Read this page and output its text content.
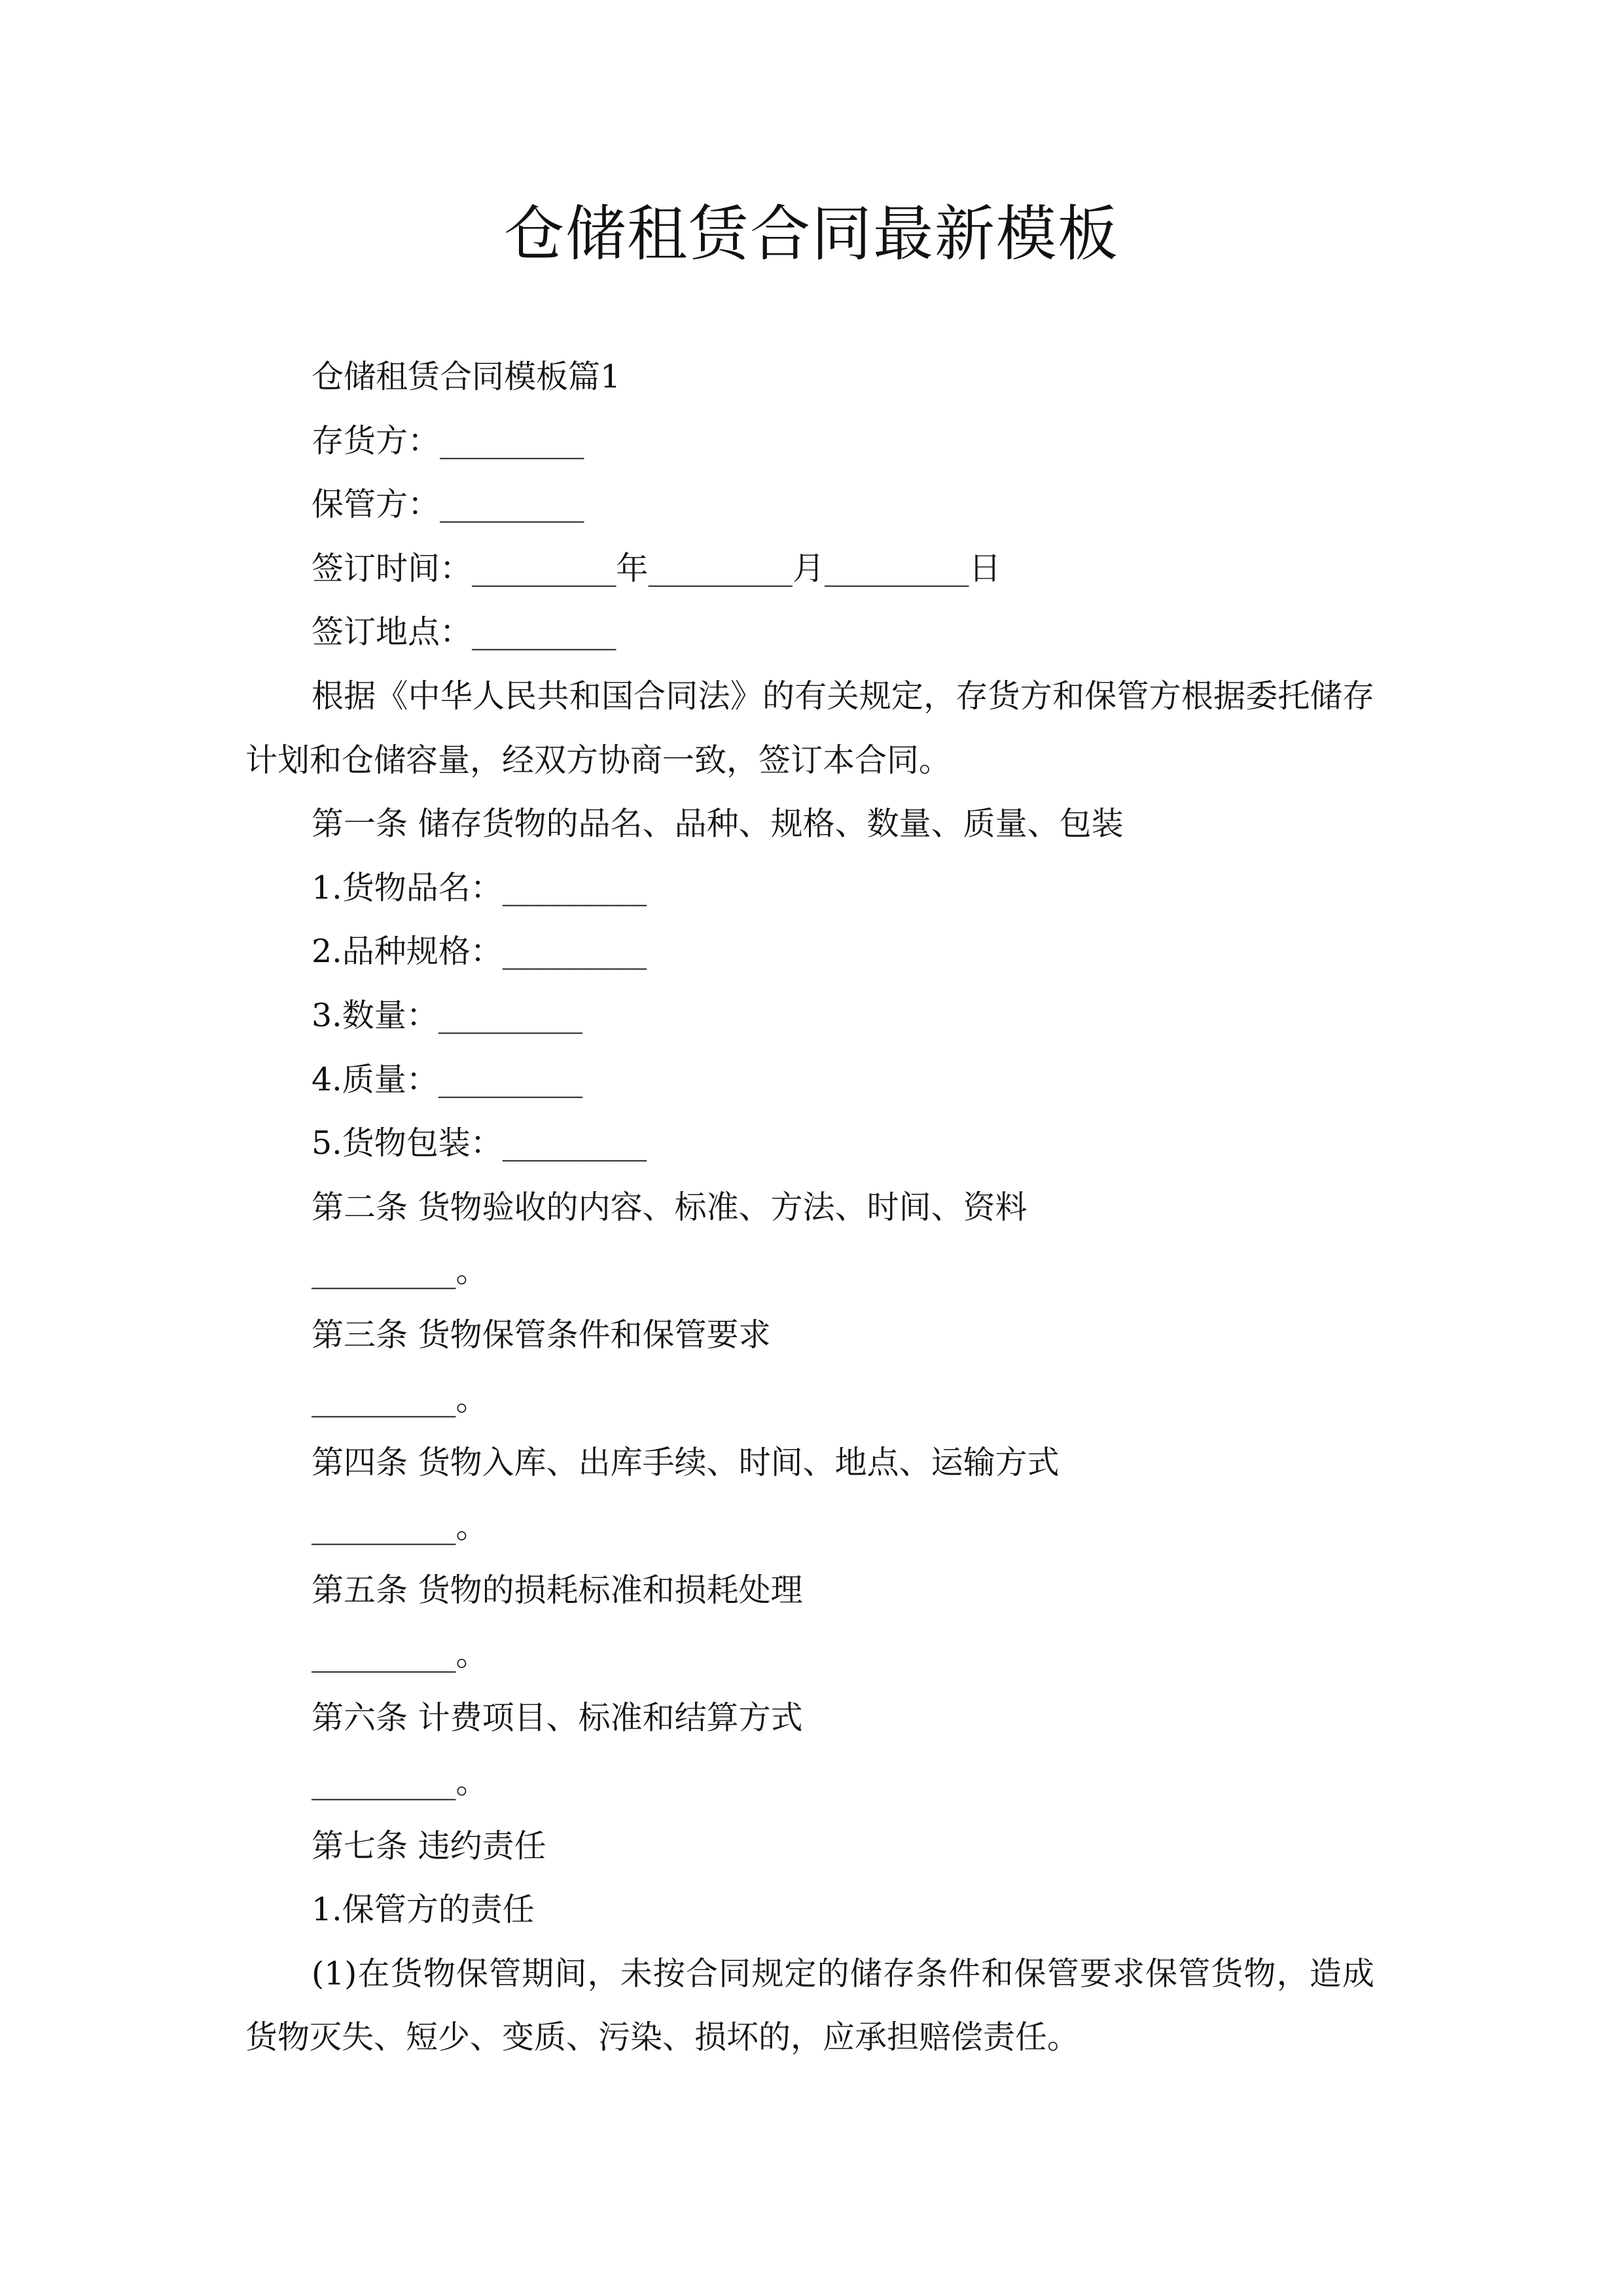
仓储租赁合同最新模板

仓储租赁合同模板篇1

存货方：_________

保管方：_________

签订时间：_________年_________月_________日

签订地点：_________

根据《中华人民共和国合同法》的有关规定，存货方和保管方根据委托储存计划和仓储容量，经双方协商一致，签订本合同。

第一条 储存货物的品名、品种、规格、数量、质量、包装

1.货物品名：_________

2.品种规格：_________

3.数量：_________

4.质量：_________

5.货物包装：_________

第二条 货物验收的内容、标准、方法、时间、资料

_________。

第三条 货物保管条件和保管要求

_________。

第四条 货物入库、出库手续、时间、地点、运输方式

_________。

第五条 货物的损耗标准和损耗处理

_________。

第六条 计费项目、标准和结算方式

_________。

第七条 违约责任

1.保管方的责任

(1)在货物保管期间，未按合同规定的储存条件和保管要求保管货物，造成货物灭失、短少、变质、污染、损坏的，应承担赔偿责任。
